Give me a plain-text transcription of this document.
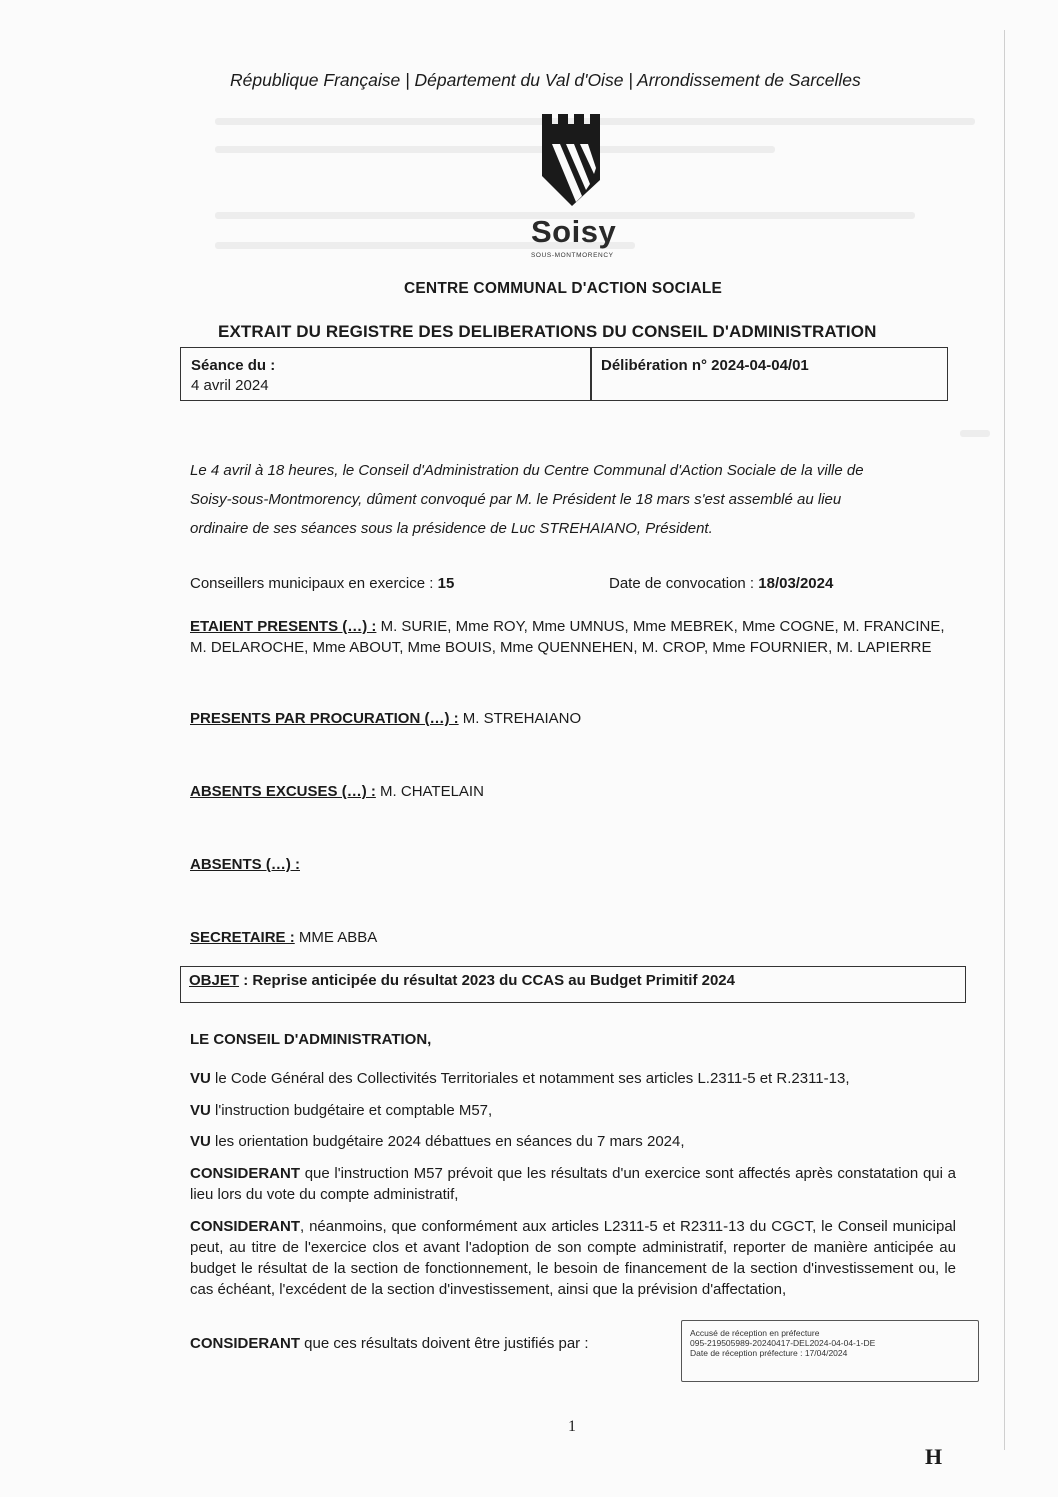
République Française | Département du Val d'Oise | Arrondissement de Sarcelles
Soisy
SOUS-MONTMORENCY
CENTRE COMMUNAL D'ACTION SOCIALE
EXTRAIT DU REGISTRE DES DELIBERATIONS DU CONSEIL D'ADMINISTRATION
Séance du :
4 avril 2024
Délibération n° 2024-04-04/01
Le 4 avril à 18 heures, le Conseil d'Administration du Centre Communal d'Action Sociale de la ville de
Soisy-sous-Montmorency, dûment convoqué par M. le Président le 18 mars s'est assemblé au lieu
ordinaire de ses séances sous la présidence de Luc STREHAIANO, Président.
Conseillers municipaux en exercice : 15	Date de convocation : 18/03/2024
ETAIENT PRESENTS (…) : M. SURIE, Mme ROY, Mme UMNUS, Mme MEBREK, Mme COGNE, M. FRANCINE, M. DELAROCHE, Mme ABOUT, Mme BOUIS, Mme QUENNEHEN, M. CROP, Mme FOURNIER, M. LAPIERRE
PRESENTS PAR PROCURATION (…) : M. STREHAIANO
ABSENTS EXCUSES (…) : M. CHATELAIN
ABSENTS (…) :
SECRETAIRE : MME ABBA
OBJET : Reprise anticipée du résultat 2023 du CCAS au Budget Primitif 2024
LE CONSEIL D'ADMINISTRATION,
VU le Code Général des Collectivités Territoriales et notamment ses articles L.2311-5 et R.2311-13,
VU l'instruction budgétaire et comptable M57,
VU les orientation budgétaire 2024 débattues en séances du 7 mars 2024,
CONSIDERANT que l'instruction M57 prévoit que les résultats d'un exercice sont affectés après constatation qui a lieu lors du vote du compte administratif,
CONSIDERANT, néanmoins, que conformément aux articles L2311-5 et R2311-13 du CGCT, le Conseil municipal peut, au titre de l'exercice clos et avant l'adoption de son compte administratif, reporter de manière anticipée au budget le résultat de la section de fonctionnement, le besoin de financement de la section d'investissement ou, le cas échéant, l'excédent de la section d'investissement, ainsi que la prévision d'affectation,
CONSIDERANT que ces résultats doivent être justifiés par :
Accusé de réception en préfecture
095-219505989-20240417-DEL2024-04-04-1-DE
Date de réception préfecture : 17/04/2024
1
H
